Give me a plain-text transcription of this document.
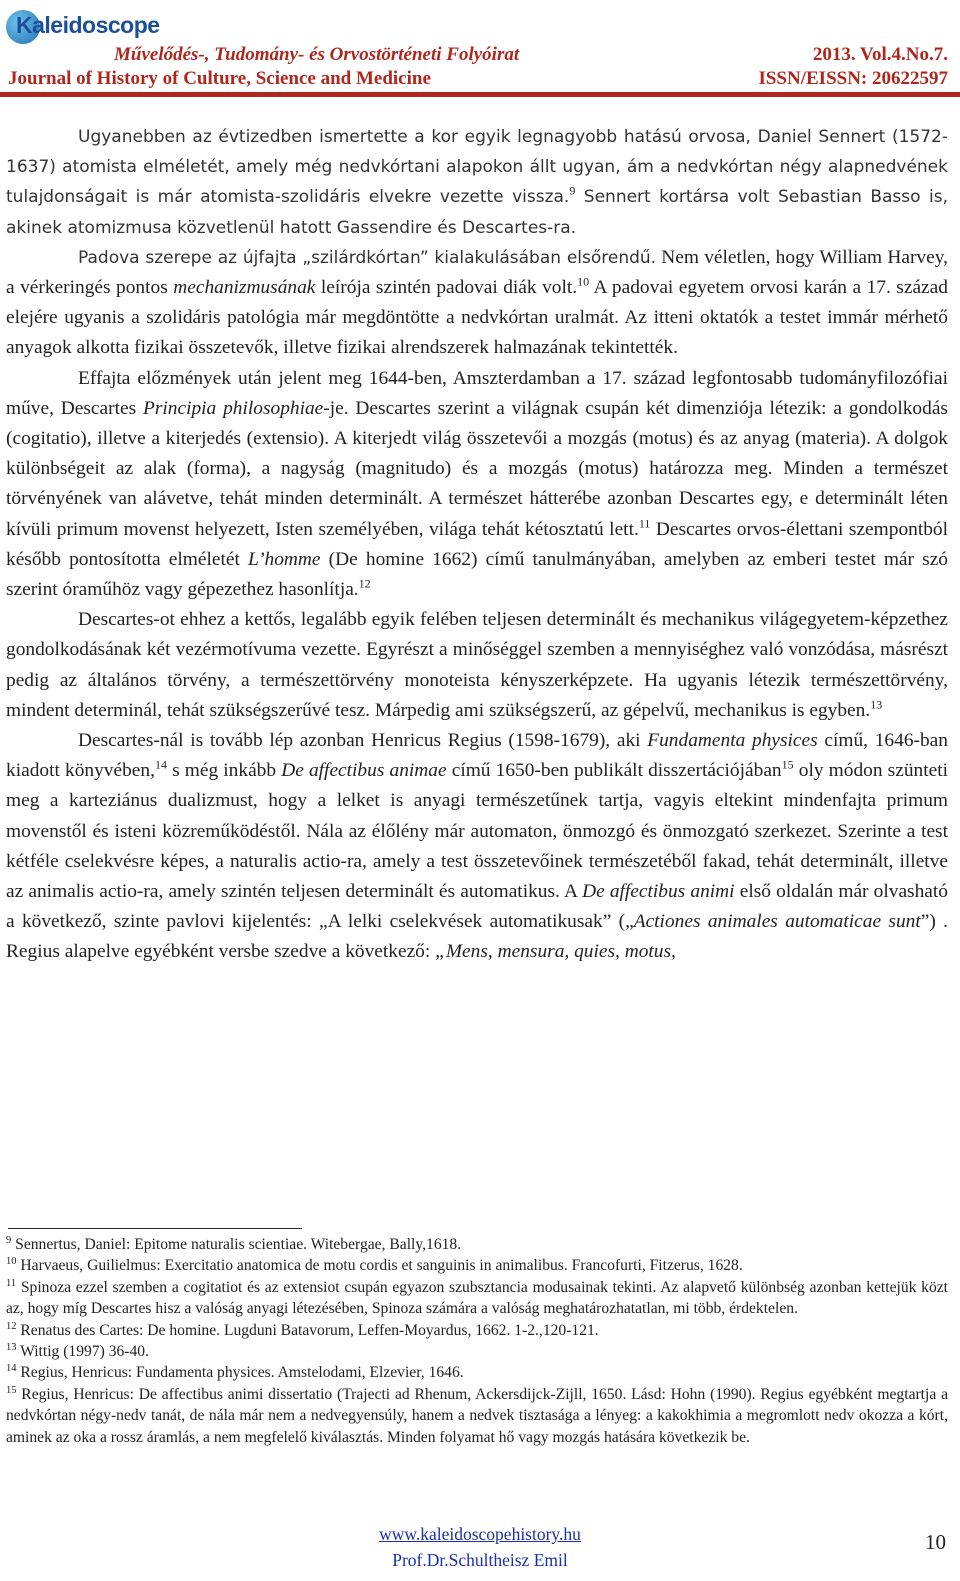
Kaleidoscope
Művelődés-, Tudomány- és Orvostörténeti Folyóirat
Journal of History of Culture, Science and Medicine
2013. Vol.4.No.7.
ISSN/EISSN: 20622597

Ugyanebben az évtizedben ismertette a kor egyik legnagyobb hatású orvosa, Daniel Sennert (1572-1637) atomista elméletét, amely még nedvkórtani alapokon állt ugyan, ám a nedvkórtan négy alapnedvének tulajdonságait is már atomista-szolidáris elvekre vezette vissza.$^9$ Sennert kortársa volt Sebastian Basso is, akinek atomizmusa közvetlenül hatott Gassendire és Descartes-ra.

Padova szerepe az újfajta „szilárdkórtan” kialakulásában elsőrendű. Nem véletlen, hogy William Harvey, a vérkeringés pontos mechanizmusának leírója szintén padovai diák volt.$^{10}$ A padovai egyetem orvosi karán a 17. század elejére ugyanis a szolidáris patológia már megdöntötte a nedvkórtan uralmát. Az itteni oktatók a testet immár mérhető anyagok alkotta fizikai összetevők, illetve fizikai alrendszerek halmazának tekintették.

Effajta előzmények után jelent meg 1644-ben, Amszterdamban a 17. század legfontosabb tudományfilozófiai műve, Descartes Principia philosophiae-je. Descartes szerint a világnak csupán két dimenziója létezik: a gondolkodás (cogitatio), illetve a kiterjedés (extensio). A kiterjedt világ összetevői a mozgás (motus) és az anyag (materia). A dolgok különbségeit az alak (forma), a nagyság (magnitudo) és a mozgás (motus) határozza meg. Minden a természet törvényének van alávetve, tehát minden determinált. A természet hátterébe azonban Descartes egy, e determinált léten kívüli primum movenst helyezett, Isten személyében, világa tehát kétosztatú lett.$^{11}$ Descartes orvos-élettani szempontból később pontosította elméletét L’homme (De homine 1662) című tanulmányában, amelyben az emberi testet már szó szerint óraműhöz vagy gépezethez hasonlítja.$^{12}$

Descartes-ot ehhez a kettős, legalább egyik felében teljesen determinált és mechanikus világegyetem-képzethez gondolkodásának két vezérmotívuma vezette. Egyrészt a minőséggel szemben a mennyiséghez való vonzódása, másrészt pedig az általános törvény, a természettörvény monoteista kényszerképzete. Ha ugyanis létezik természettörvény, mindent determinál, tehát szükségszerűvé tesz. Márpedig ami szükségszerű, az gépelvű, mechanikus is egyben.$^{13}$

Descartes-nál is tovább lép azonban Henricus Regius (1598-1679), aki Fundamenta physices című, 1646-ban kiadott könyvében,$^{14}$ s még inkább De affectibus animae című 1650-ben publikált disszertációjában$^{15}$ oly módon szünteti meg a karteziánus dualizmust, hogy a lelket is anyagi természetűnek tartja, vagyis eltekint mindenfajta primum movenstől és isteni közreműködéstől. Nála az élőlény már automaton, önmozgó és önmozgató szerkezet. Szerinte a test kétféle cselekvésre képes, a naturalis actio-ra, amely a test összetevőinek természetéből fakad, tehát determinált, illetve az animalis actio-ra, amely szintén teljesen determinált és automatikus. A De affectibus animi első oldalán már olvasható a következő, szinte pavlovi kijelentés: „A lelki cselekvések automatikusak” („Actiones animales automaticae sunt”) . Regius alapelve egyébként versbe szedve a következő: „Mens, mensura, quies, motus,

$^9$ Sennertus, Daniel: Epitome naturalis scientiae. Witebergae, Bally,1618.

$^{10}$ Harvaeus, Guilielmus: Exercitatio anatomica de motu cordis et sanguinis in animalibus. Francofurti, Fitzerus, 1628.

$^{11}$ Spinoza ezzel szemben a cogitatiot és az extensiot csupán egyazon szubsztancia modusainak tekinti. Az alapvető különbség azonban kettejük közt az, hogy míg Descartes hisz a valóság anyagi létezésében, Spinoza számára a valóság meghatározhatatlan, mi több, érdektelen.

$^{12}$ Renatus des Cartes: De homine. Lugduni Batavorum, Leffen-Moyardus, 1662. 1-2.,120-121.

$^{13}$ Wittig (1997) 36-40.

$^{14}$ Regius, Henricus: Fundamenta physices. Amstelodami, Elzevier, 1646.

$^{15}$ Regius, Henricus: De affectibus animi dissertatio (Trajecti ad Rhenum, Ackersdijck-Zijll, 1650. Lásd: Hohn (1990). Regius egyébként megtartja a nedvkórtan négy-nedv tanát, de nála már nem a nedvegyensúly, hanem a nedvek tisztasága a lényeg: a kakokhimia a megromlott nedv okozza a kórt, aminek az oka a rossz áramlás, a nem megfelelő kiválasztás. Minden folyamat hő vagy mozgás hatására következik be.

www.kaleidoscopehistory.hu
Prof.Dr.Schultheisz Emil
10
